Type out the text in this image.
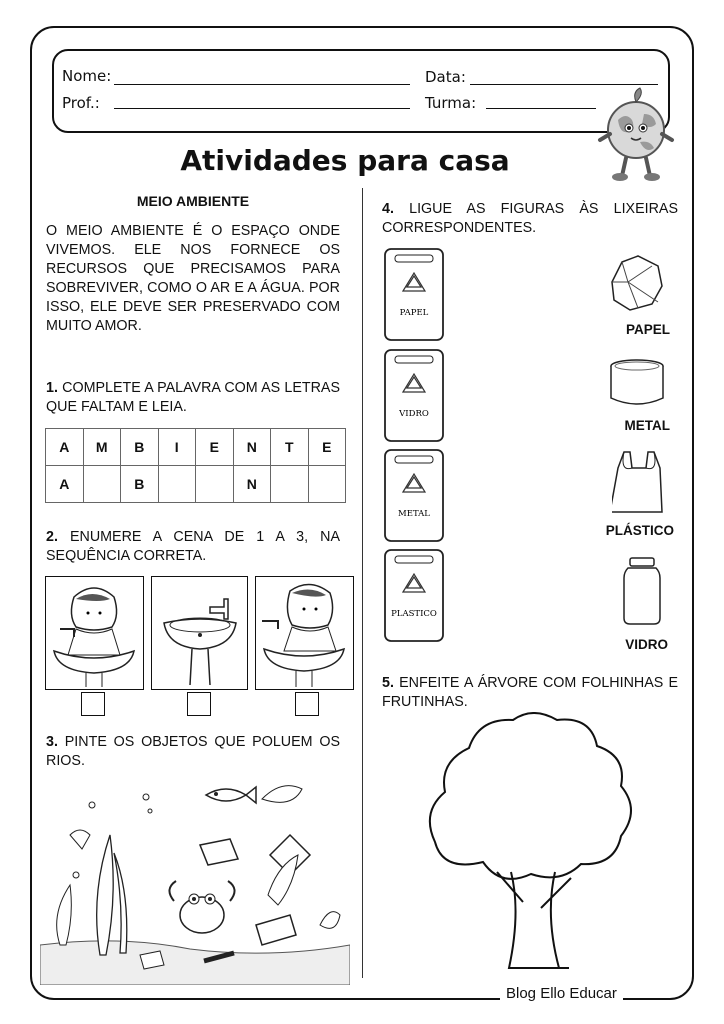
Nome:	Data:
Prof.:	Turma:
Atividades para casa
MEIO AMBIENTE
O MEIO AMBIENTE É O ESPAÇO ONDE VIVEMOS. ELE NOS FORNECE OS RECURSOS QUE PRECISAMOS PARA SOBREVIVER, COMO O AR E A ÁGUA. POR ISSO, ELE DEVE SER PRESERVADO COM MUITO AMOR.
1. COMPLETE A PALAVRA COM AS LETRAS QUE FALTAM E LEIA.
A	M	B	I	E	N	T	E
A		B			N		
2. ENUMERE A CENA DE 1 A 3, NA SEQUÊNCIA CORRETA.
3. PINTE OS OBJETOS QUE POLUEM OS RIOS.
4. LIGUE AS FIGURAS ÀS LIXEIRAS CORRESPONDENTES.
PAPEL
VIDRO
METAL
PLASTICO
PAPEL
METAL
PLÁSTICO
VIDRO
5. ENFEITE A ÁRVORE COM FOLHINHAS E FRUTINHAS.
Blog Ello Educar
